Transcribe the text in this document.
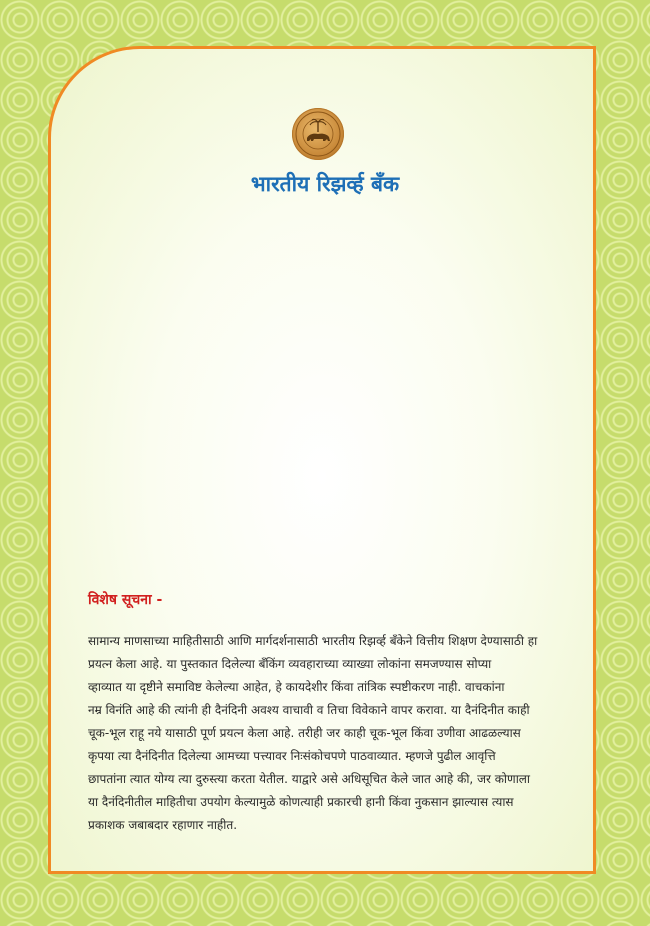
भारतीय रिझर्व्ह बँक
विशेष सूचना -

सामान्य माणसाच्या माहितीसाठी आणि मार्गदर्शनासाठी भारतीय रिझर्व्ह बँकेने वित्तीय शिक्षण देण्यासाठी हा
प्रयत्न केला आहे. या पुस्तकात दिलेल्या बँकिंग व्यवहाराच्या व्याख्या लोकांना समजण्यास सोप्या
व्हाव्यात या दृष्टीने समाविष्ट केलेल्या आहेत, हे कायदेशीर किंवा तांत्रिक स्पष्टीकरण नाही. वाचकांना
नम्र विनंति आहे की त्यांनी ही दैनंदिनी अवश्य वाचावी व तिचा विवेकाने वापर करावा. या दैनंदिनीत काही
चूक-भूल राहू नये यासाठी पूर्ण प्रयत्न केला आहे. तरीही जर काही चूक-भूल किंवा उणीवा आढळल्यास
कृपया त्या दैनंदिनीत दिलेल्या आमच्या पत्त्यावर निःसंकोचपणे पाठवाव्यात. म्हणजे पुढील आवृत्ति
छापतांना त्यात योग्य त्या दुरुस्त्या करता येतील. याद्वारे असे अधिसूचित केले जात आहे की, जर कोणाला
या दैनंदिनीतील माहितीचा उपयोग केल्यामुळे कोणत्याही प्रकारची हानी किंवा नुकसान झाल्यास त्यास
प्रकाशक जबाबदार रहाणार नाहीत.
